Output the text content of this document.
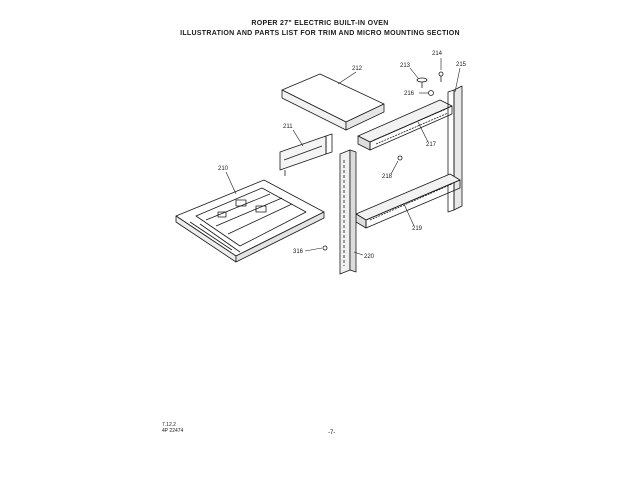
ROPER 27" ELECTRIC BUILT-IN OVEN
ILLUSTRATION AND PARTS LIST FOR TRIM AND MICRO MOUNTING SECTION
212
214
213	215
216
211
217
210
218
219
316
220
7.12.2
4P 22474	-7-
